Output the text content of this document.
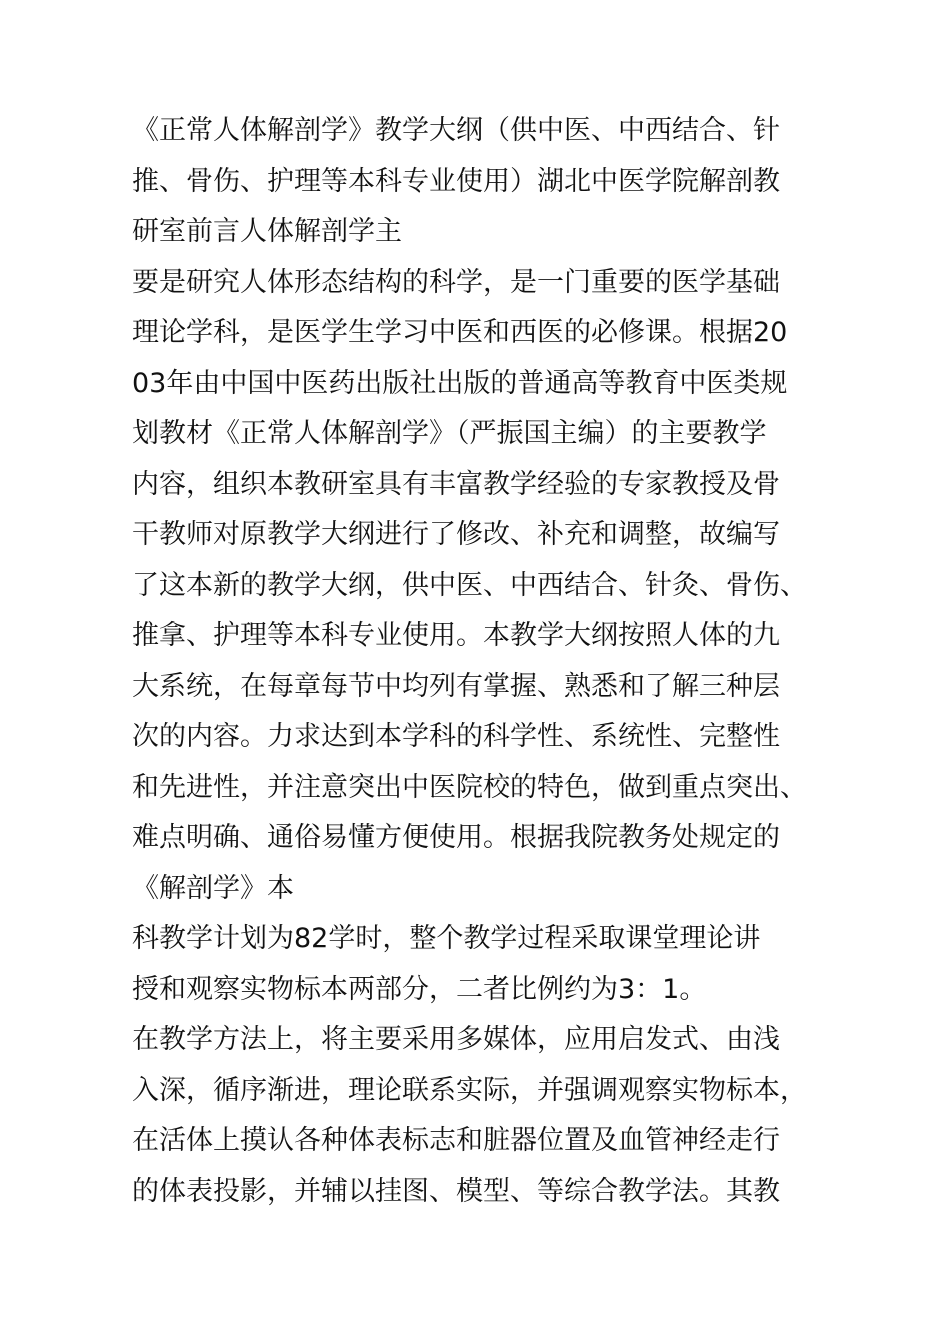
《正常人体解剖学》教学大纲（供中医、中西结合、针
推、骨伤、护理等本科专业使用）湖北中医学院解剖教
研室前言人体解剖学主
要是研究人体形态结构的科学，是一门重要的医学基础
理论学科，是医学生学习中医和西医的必修课。根据20
03年由中国中医药出版社出版的普通高等教育中医类规
划教材《正常人体解剖学》（严振国主编）的主要教学
内容，组织本教研室具有丰富教学经验的专家教授及骨
干教师对原教学大纲进行了修改、补充和调整，故编写
了这本新的教学大纲，供中医、中西结合、针灸、骨伤、
推拿、护理等本科专业使用。本教学大纲按照人体的九
大系统，在每章每节中均列有掌握、熟悉和了解三种层
次的内容。力求达到本学科的科学性、系统性、完整性
和先进性，并注意突出中医院校的特色，做到重点突出、
难点明确、通俗易懂方便使用。根据我院教务处规定的
《解剖学》本
科教学计划为82学时，整个教学过程采取课堂理论讲
授和观察实物标本两部分，二者比例约为3：1。
在教学方法上，将主要采用多媒体，应用启发式、由浅
入深，循序渐进，理论联系实际，并强调观察实物标本，
在活体上摸认各种体表标志和脏器位置及血管神经走行
的体表投影，并辅以挂图、模型、等综合教学法。其教
